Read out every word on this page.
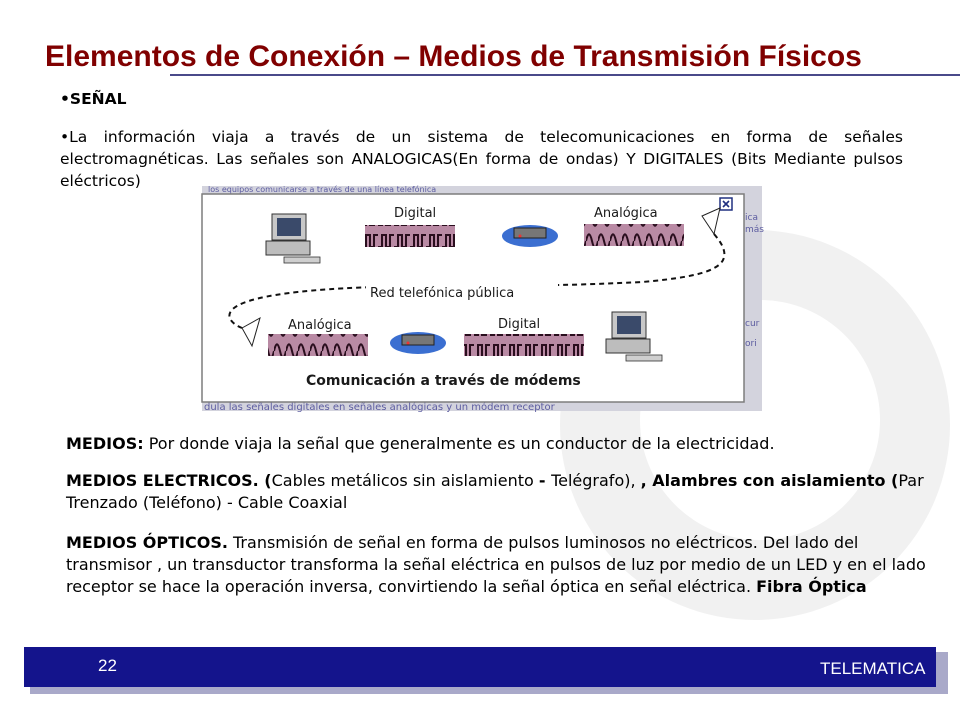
Elementos de Conexión – Medios de Transmisión Físicos
•SEÑAL
•La información viaja a través de un sistema de telecomunicaciones en forma de señales electromagnéticas. Las señales son ANALOGICAS(En forma de ondas) Y DIGITALES (Bits Mediante pulsos eléctricos)	los equipos comunicarse a través de una línea telefónica
dula las señales digitales en señales analógicas y un módem receptor
ica
más
cur
ori
Digital	Analógica
Red telefónica pública
Analógica	Digital
Comunicación a través de módems
MEDIOS: Por donde viaja la señal que generalmente es un conductor de la electricidad.
MEDIOS ELECTRICOS. (Cables metálicos sin aislamiento - Telégrafo), , Alambres con aislamiento (Par Trenzado (Teléfono) - Cable Coaxial
MEDIOS ÓPTICOS. Transmisión de señal en forma de pulsos luminosos no eléctricos. Del lado del transmisor , un transductor transforma la señal eléctrica en pulsos de luz por medio de un LED y en el lado receptor se hace la operación inversa, convirtiendo la señal óptica en señal eléctrica. Fibra Óptica
22	TELEMATICA
